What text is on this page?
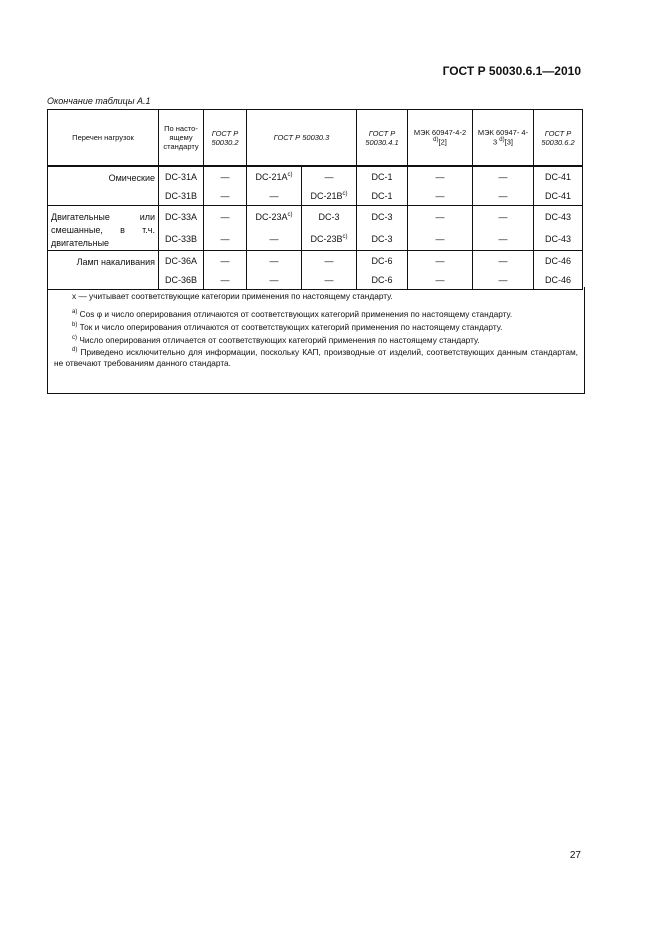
ГОСТ Р 50030.6.1—2010
Окончание таблицы А.1
Перечен нагрузок	По насто-ящему стандарту	ГОСТ Р 50030.2	ГОСТ Р 50030.3		ГОСТ Р 50030.4.1	МЭК 60947-4-2 $^{d)}$[2]	МЭК 60947- 4-3 $^{d)}$[3]	ГОСТ Р 50030.6.2
Омические	DC-31A	—	$DC-21A^{c)}$	—	DC-1	—	—	DC-41
	DC-31B	—	—	$DC-21B^{c)}$	DC-1	—	—	DC-41
Двигательные или смешанные, в т.ч. двигательные	DC-33A	—	$DC-23A^{c)}$	DC-3	DC-3	—	—	DC-43
	DC-33B	—	—	$DC-23B^{c)}$	DC-3	—	—	DC-43
Ламп накаливания	DC-36A	—	—	—	DC-6	—	—	DC-46
	DC-36B	—	—	—	DC-6	—	—	DC-46

х — учитывает соответствующие категории применения по настоящему стандарту.

$^{a)}$ Cos φ и число оперирования отличаются от соответствующих категорий применения по настоящему стандарту.

$^{b)}$ Ток и число оперирования отличаются от соответствующих категорий применения по настоящему стандарту.

$^{c)}$ Число оперирования отличается от соответствующих категорий применения по настоящему стандарту.

$^{d)}$ Приведено исключительно для информации, поскольку КАП, производные от изделий, соответствующих данным стандартам, не отвечают требованиям данного стандарта.

27
